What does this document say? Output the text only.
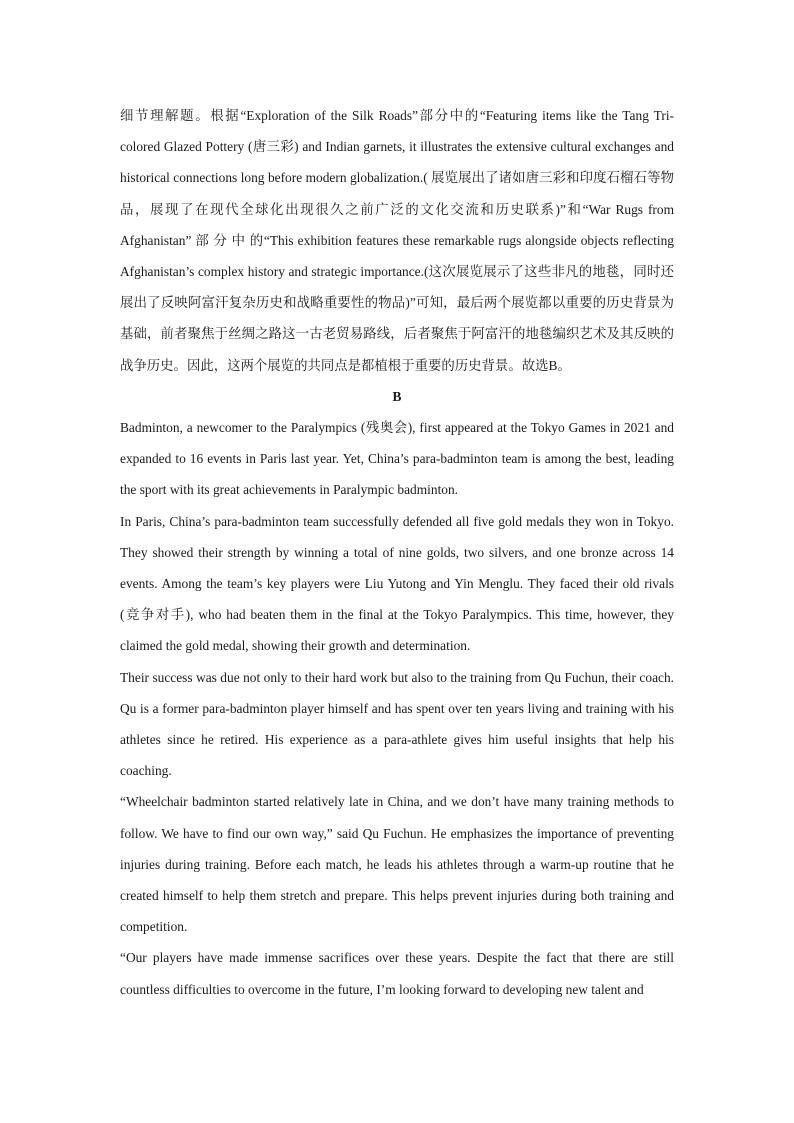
细节理解题。根据“Exploration of the Silk Roads”部分中的“Featuring items like the Tang Tri-colored Glazed Pottery (唐三彩) and Indian garnets, it illustrates the extensive cultural exchanges and historical connections long before modern globalization.( 展览展出了诸如唐三彩和印度石榴石等物品，展现了在现代全球化出现很久之前广泛的文化交流和历史联系)”和“War Rugs from Afghanistan” 部 分 中 的“This exhibition features these remarkable rugs alongside objects reflecting Afghanistan’s complex history and strategic importance.(这次展览展示了这些非凡的地毯，同时还展出了反映阿富汗复杂历史和战略重要性的物品)”可知，最后两个展览都以重要的历史背景为基础，前者聚焦于丝绸之路这一古老贸易路线，后者聚焦于阿富汗的地毯编织艺术及其反映的战争历史。因此，这两个展览的共同点是都植根于重要的历史背景。故选B。

B

Badminton, a newcomer to the Paralympics (残奥会), first appeared at the Tokyo Games in 2021 and expanded to 16 events in Paris last year. Yet, China’s para-badminton team is among the best, leading the sport with its great achievements in Paralympic badminton.

In Paris, China’s para-badminton team successfully defended all five gold medals they won in Tokyo. They showed their strength by winning a total of nine golds, two silvers, and one bronze across 14 events. Among the team’s key players were Liu Yutong and Yin Menglu. They faced their old rivals (竞争对手), who had beaten them in the final at the Tokyo Paralympics. This time, however, they claimed the gold medal, showing their growth and determination.

Their success was due not only to their hard work but also to the training from Qu Fuchun, their coach. Qu is a former para-badminton player himself and has spent over ten years living and training with his athletes since he retired. His experience as a para-athlete gives him useful insights that help his coaching.

“Wheelchair badminton started relatively late in China, and we don’t have many training methods to follow. We have to find our own way,” said Qu Fuchun. He emphasizes the importance of preventing injuries during training. Before each match, he leads his athletes through a warm-up routine that he created himself to help them stretch and prepare. This helps prevent injuries during both training and competition.

“Our players have made immense sacrifices over these years. Despite the fact that there are still countless difficulties to overcome in the future, I’m looking forward to developing new talent and
